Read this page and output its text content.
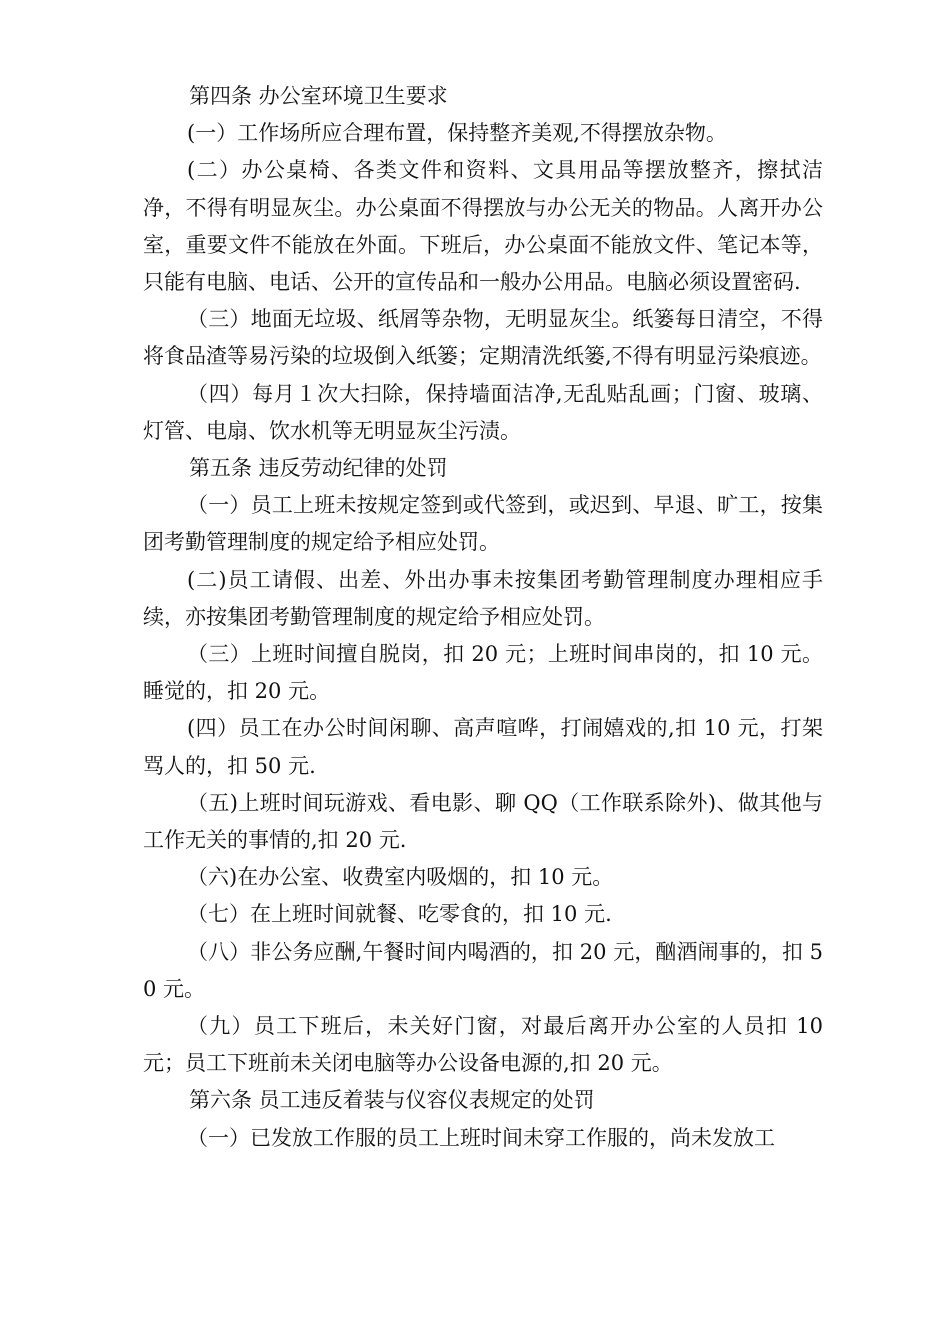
第四条 办公室环境卫生要求

(一）工作场所应合理布置，保持整齐美观,不得摆放杂物。

(二）办公桌椅、各类文件和资料、文具用品等摆放整齐，擦拭洁净，不得有明显灰尘。办公桌面不得摆放与办公无关的物品。人离开办公室，重要文件不能放在外面。下班后，办公桌面不能放文件、笔记本等，只能有电脑、电话、公开的宣传品和一般办公用品。电脑必须设置密码.

（三）地面无垃圾、纸屑等杂物，无明显灰尘。纸篓每日清空，不得将食品渣等易污染的垃圾倒入纸篓；定期清洗纸篓,不得有明显污染痕迹。

（四）每月１次大扫除，保持墙面洁净,无乱贴乱画；门窗、玻璃、灯管、电扇、饮水机等无明显灰尘污渍。

第五条 违反劳动纪律的处罚

（一）员工上班未按规定签到或代签到，或迟到、早退、旷工，按集团考勤管理制度的规定给予相应处罚。

(二)员工请假、出差、外出办事未按集团考勤管理制度办理相应手续，亦按集团考勤管理制度的规定给予相应处罚。

（三）上班时间擅自脱岗，扣 20 元；上班时间串岗的，扣 10 元。睡觉的，扣 20 元。

(四）员工在办公时间闲聊、高声喧哗，打闹嬉戏的,扣 10 元，打架骂人的，扣 50 元.

（五)上班时间玩游戏、看电影、聊 QQ（工作联系除外)、做其他与工作无关的事情的,扣 20 元.

（六)在办公室、收费室内吸烟的，扣 10 元。

（七）在上班时间就餐、吃零食的，扣 10 元.

（八）非公务应酬,午餐时间内喝酒的，扣 20 元，酗酒闹事的，扣 50 元。

（九）员工下班后，未关好门窗，对最后离开办公室的人员扣 10 元；员工下班前未关闭电脑等办公设备电源的,扣 20 元。

第六条 员工违反着装与仪容仪表规定的处罚

（一）已发放工作服的员工上班时间未穿工作服的，尚未发放工
